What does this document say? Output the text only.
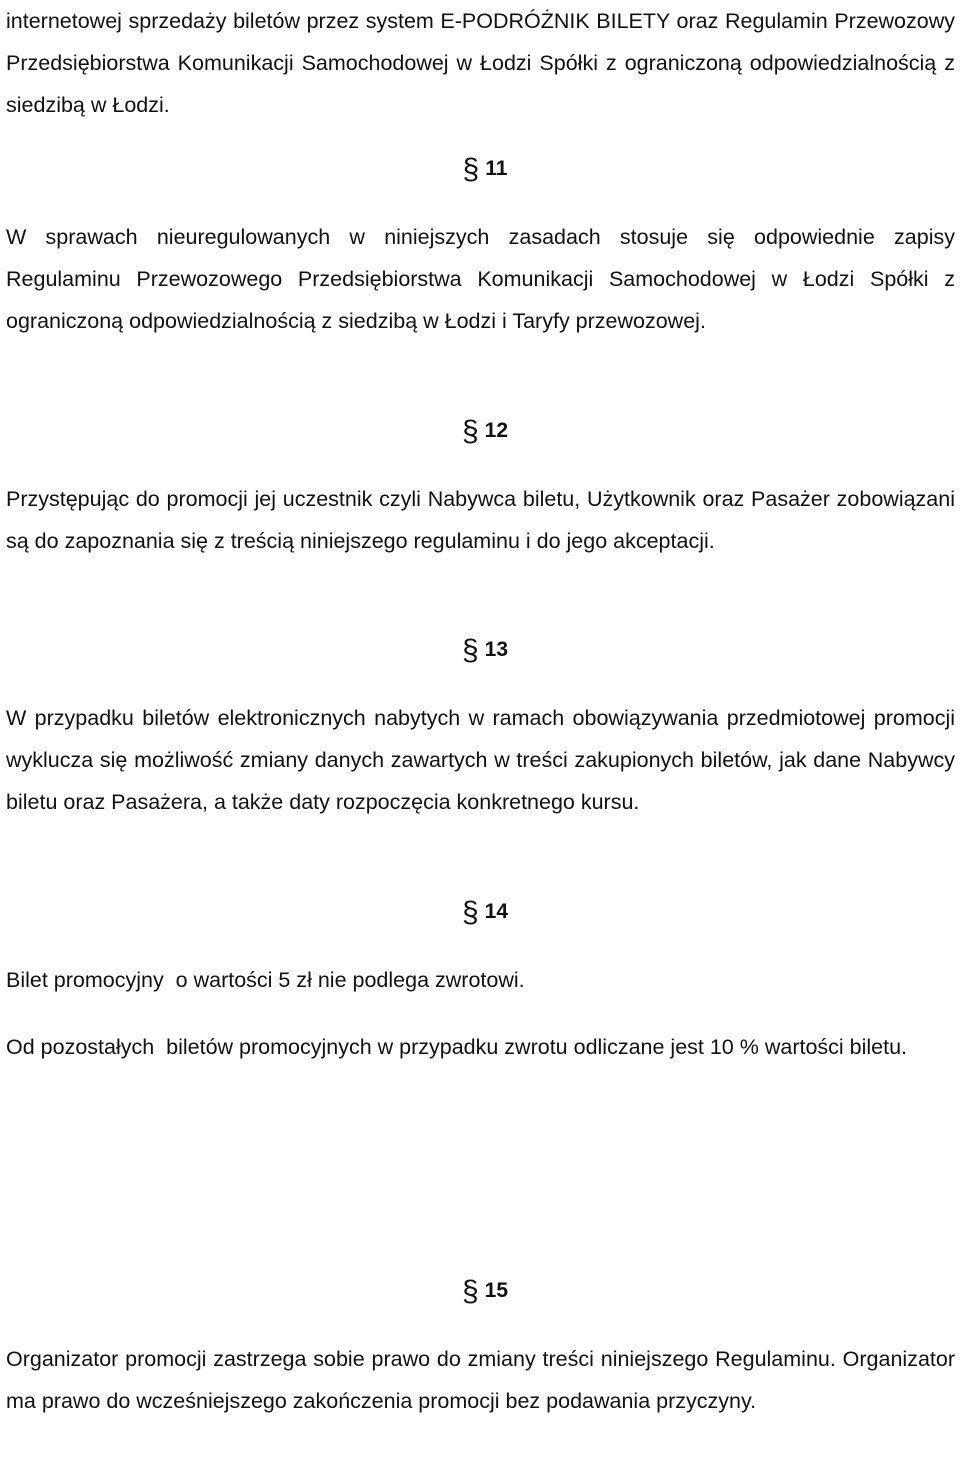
internetowej sprzedaży biletów przez system E-PODRÓŻNIK BILETY oraz Regulamin Przewozowy Przedsiębiorstwa Komunikacji Samochodowej w Łodzi Spółki z ograniczoną odpowiedzialnością z siedzibą w Łodzi.

§ 11

W sprawach nieuregulowanych w niniejszych zasadach stosuje się odpowiednie zapisy Regulaminu Przewozowego Przedsiębiorstwa Komunikacji Samochodowej w Łodzi Spółki z ograniczoną odpowiedzialnością z siedzibą w Łodzi i Taryfy przewozowej.

§ 12

Przystępując do promocji jej uczestnik czyli Nabywca biletu, Użytkownik oraz Pasażer zobowiązani są do zapoznania się z treścią niniejszego regulaminu i do jego akceptacji.

§ 13

W przypadku biletów elektronicznych nabytych w ramach obowiązywania przedmiotowej promocji wyklucza się możliwość zmiany danych zawartych w treści zakupionych biletów, jak dane Nabywcy biletu oraz Pasażera, a także daty rozpoczęcia konkretnego kursu.

§ 14

Bilet promocyjny  o wartości 5 zł nie podlega zwrotowi.

Od pozostałych  biletów promocyjnych w przypadku zwrotu odliczane jest 10 % wartości biletu.

§ 15

Organizator promocji zastrzega sobie prawo do zmiany treści niniejszego Regulaminu. Organizator ma prawo do wcześniejszego zakończenia promocji bez podawania przyczyny.
